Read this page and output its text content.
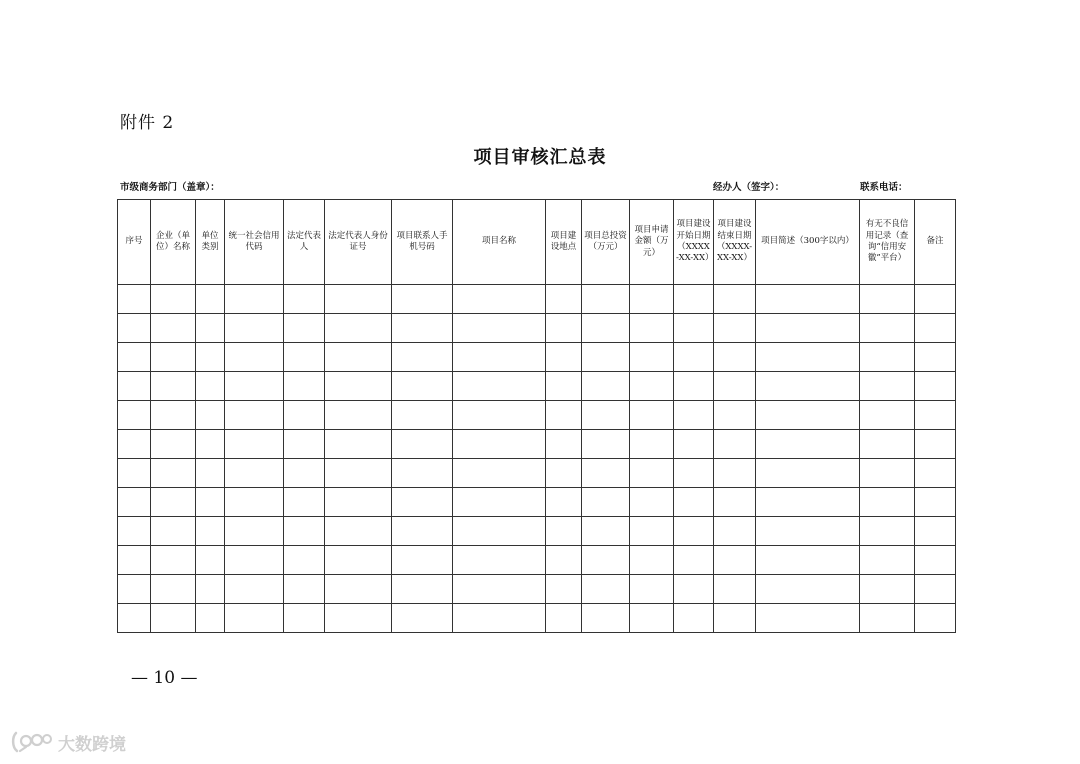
附件 2
项目审核汇总表
市级商务部门（盖章）：	经办人（签字）：	联系电话：
序号	企业（单位）名称	单位类别	统一社会信用代码	法定代表人	法定代表人身份证号	项目联系人手机号码	项目名称	项目建设地点	项目总投资（万元）	项目申请金额（万元）	项目建设开始日期（XXXX-XX-XX）	项目建设结束日期（XXXX-XX-XX）	项目简述（300字以内）	有无不良信用记录（查询“信用安徽”平台）	备注

— 10 —
大数跨境
